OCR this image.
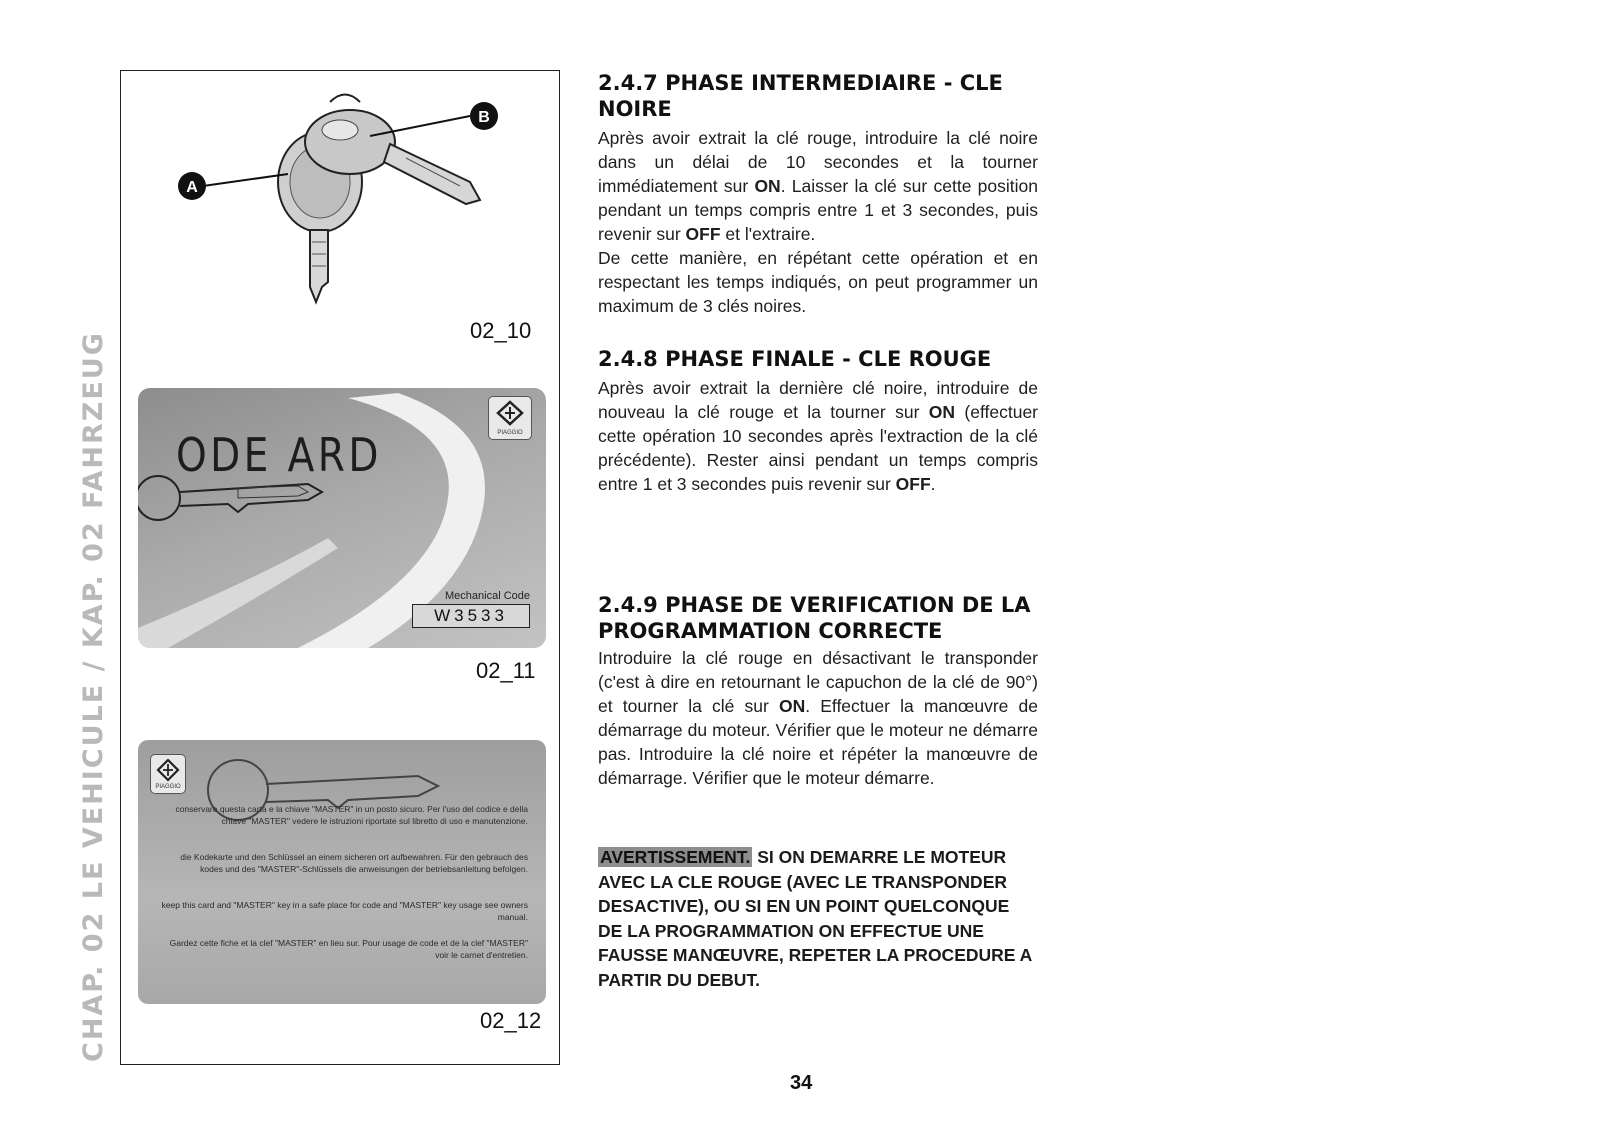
CHAP. 02 LE VEHICULE / KAP. 02 FAHRZEUG
A
B
02_10
ODE ARD	PIAGGIO
Mechanical Code
W3533
02_11
PIAGGIO
conservare questa carta e la chiave "MASTER" in un posto sicuro. Per l'uso del codice e della chiave "MASTER" vedere le istruzioni riportate sul libretto di uso e manutenzione.
die Kodekarte und den Schlüssel an einem sicheren ort aufbewahren. Für den gebrauch des kodes und des "MASTER"-Schlüssels die anweisungen der betriebsanleitung befolgen.
keep this card and "MASTER" key in a safe place for code and "MASTER" key usage see owners manual.
Gardez cette fiche et la clef "MASTER" en lieu sur. Pour usage de code et de la clef "MASTER" voir le carnet d'entretien.
02_12
2.4.7 PHASE INTERMEDIAIRE - CLE NOIRE

Après avoir extrait la clé rouge, introduire la clé noire dans un délai de 10 secondes et la tourner immédiatement sur ON. Laisser la clé sur cette position pendant un temps compris entre 1 et 3 secondes, puis revenir sur OFF et l'extraire.
De cette manière, en répétant cette opération et en respectant les temps indiqués, on peut programmer un maximum de 3 clés noires.

2.4.8 PHASE FINALE - CLE ROUGE

Après avoir extrait la dernière clé noire, introduire de nouveau la clé rouge et la tourner sur ON (effectuer cette opération 10 secondes après l'extraction de la clé précédente). Rester ainsi pendant un temps compris entre 1 et 3 secondes puis revenir sur OFF.

2.4.9 PHASE DE VERIFICATION DE LA PROGRAMMATION CORRECTE

Introduire la clé rouge en désactivant le transponder (c'est à dire en retournant le capuchon de la clé de 90°) et tourner la clé sur ON. Effectuer la manœuvre de démarrage du moteur. Vérifier que le moteur ne démarre pas. Introduire la clé noire et répéter la manœuvre de démarrage. Vérifier que le moteur démarre.

AVERTISSEMENT. SI ON DEMARRE LE MOTEUR AVEC LA CLE ROUGE (AVEC LE TRANSPONDER DESACTIVE), OU SI EN UN POINT QUELCONQUE DE LA PROGRAMMATION ON EFFECTUE UNE FAUSSE MANŒUVRE, REPETER LA PROCEDURE A PARTIR DU DEBUT.
34
